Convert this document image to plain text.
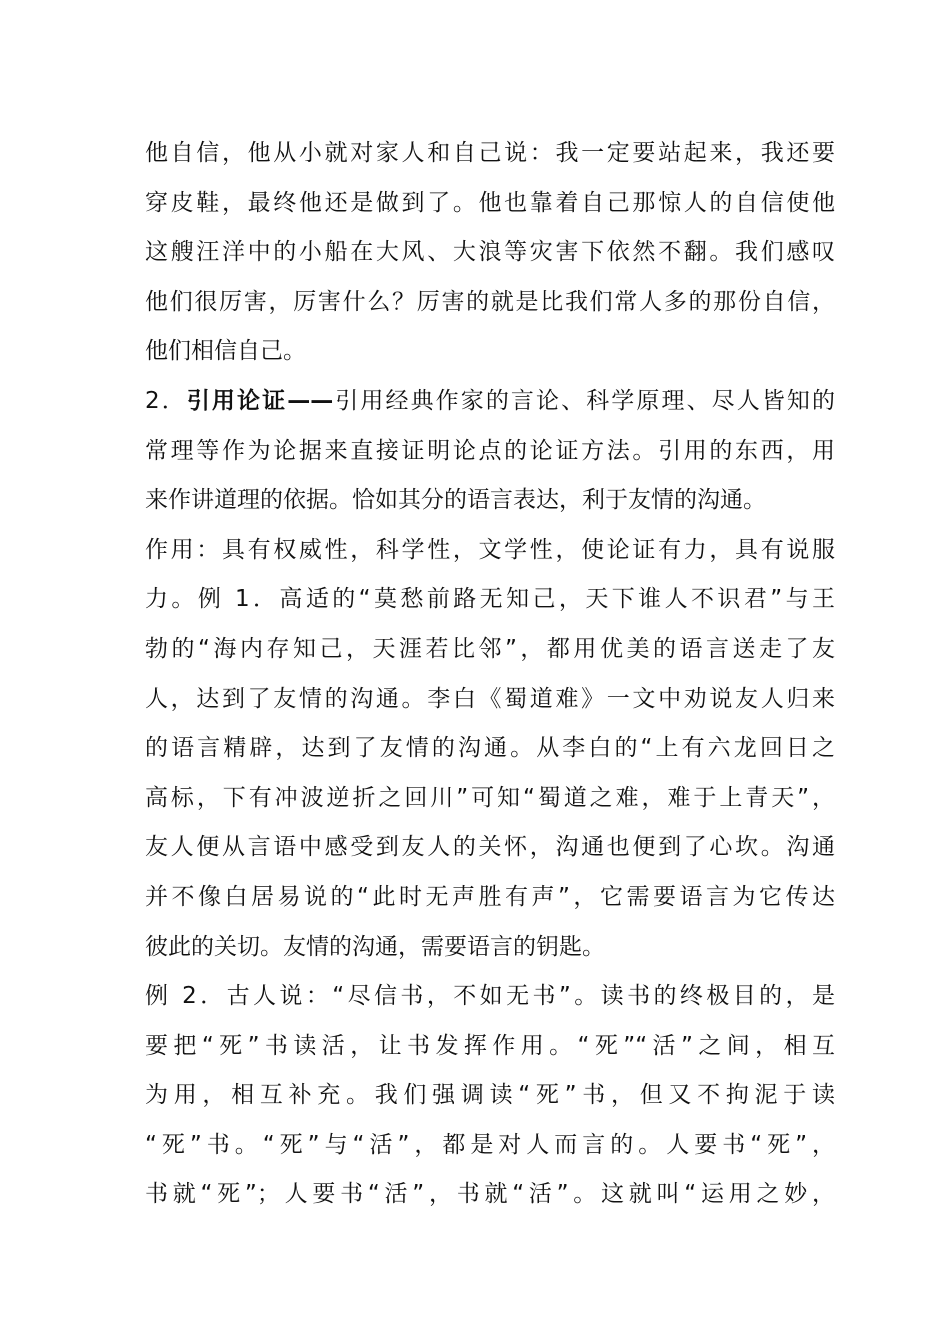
他自信，他从小就对家人和自己说：我一定要站起来，我还要
穿皮鞋，最终他还是做到了。他也靠着自己那惊人的自信使他
这艘汪洋中的小船在大风、大浪等灾害下依然不翻。我们感叹
他们很厉害，厉害什么？厉害的就是比我们常人多的那份自信，
他们相信自己。
2．引用论证——引用经典作家的言论、科学原理、尽人皆知的
常理等作为论据来直接证明论点的论证方法。引用的东西，用
来作讲道理的依据。恰如其分的语言表达，利于友情的沟通。
作用：具有权威性，科学性，文学性，使论证有力，具有说服
力。例 1．高适的“莫愁前路无知己，天下谁人不识君”与王
勃的“海内存知己，天涯若比邻”，都用优美的语言送走了友
人，达到了友情的沟通。李白《蜀道难》一文中劝说友人归来
的语言精辟，达到了友情的沟通。从李白的“上有六龙回日之
高标，下有冲波逆折之回川”可知“蜀道之难，难于上青天”，
友人便从言语中感受到友人的关怀，沟通也便到了心坎。沟通
并不像白居易说的“此时无声胜有声”，它需要语言为它传达
彼此的关切。友情的沟通，需要语言的钥匙。
例 2．古人说：“尽信书，不如无书”。读书的终极目的，是
要把“死”书读活，让书发挥作用。“死”“活”之间，相互
为用，相互补充。我们强调读“死”书，但又不拘泥于读
“死”书。“死”与“活”，都是对人而言的。人要书“死”，
书就“死”；人要书“活”，书就“活”。这就叫“运用之妙，
